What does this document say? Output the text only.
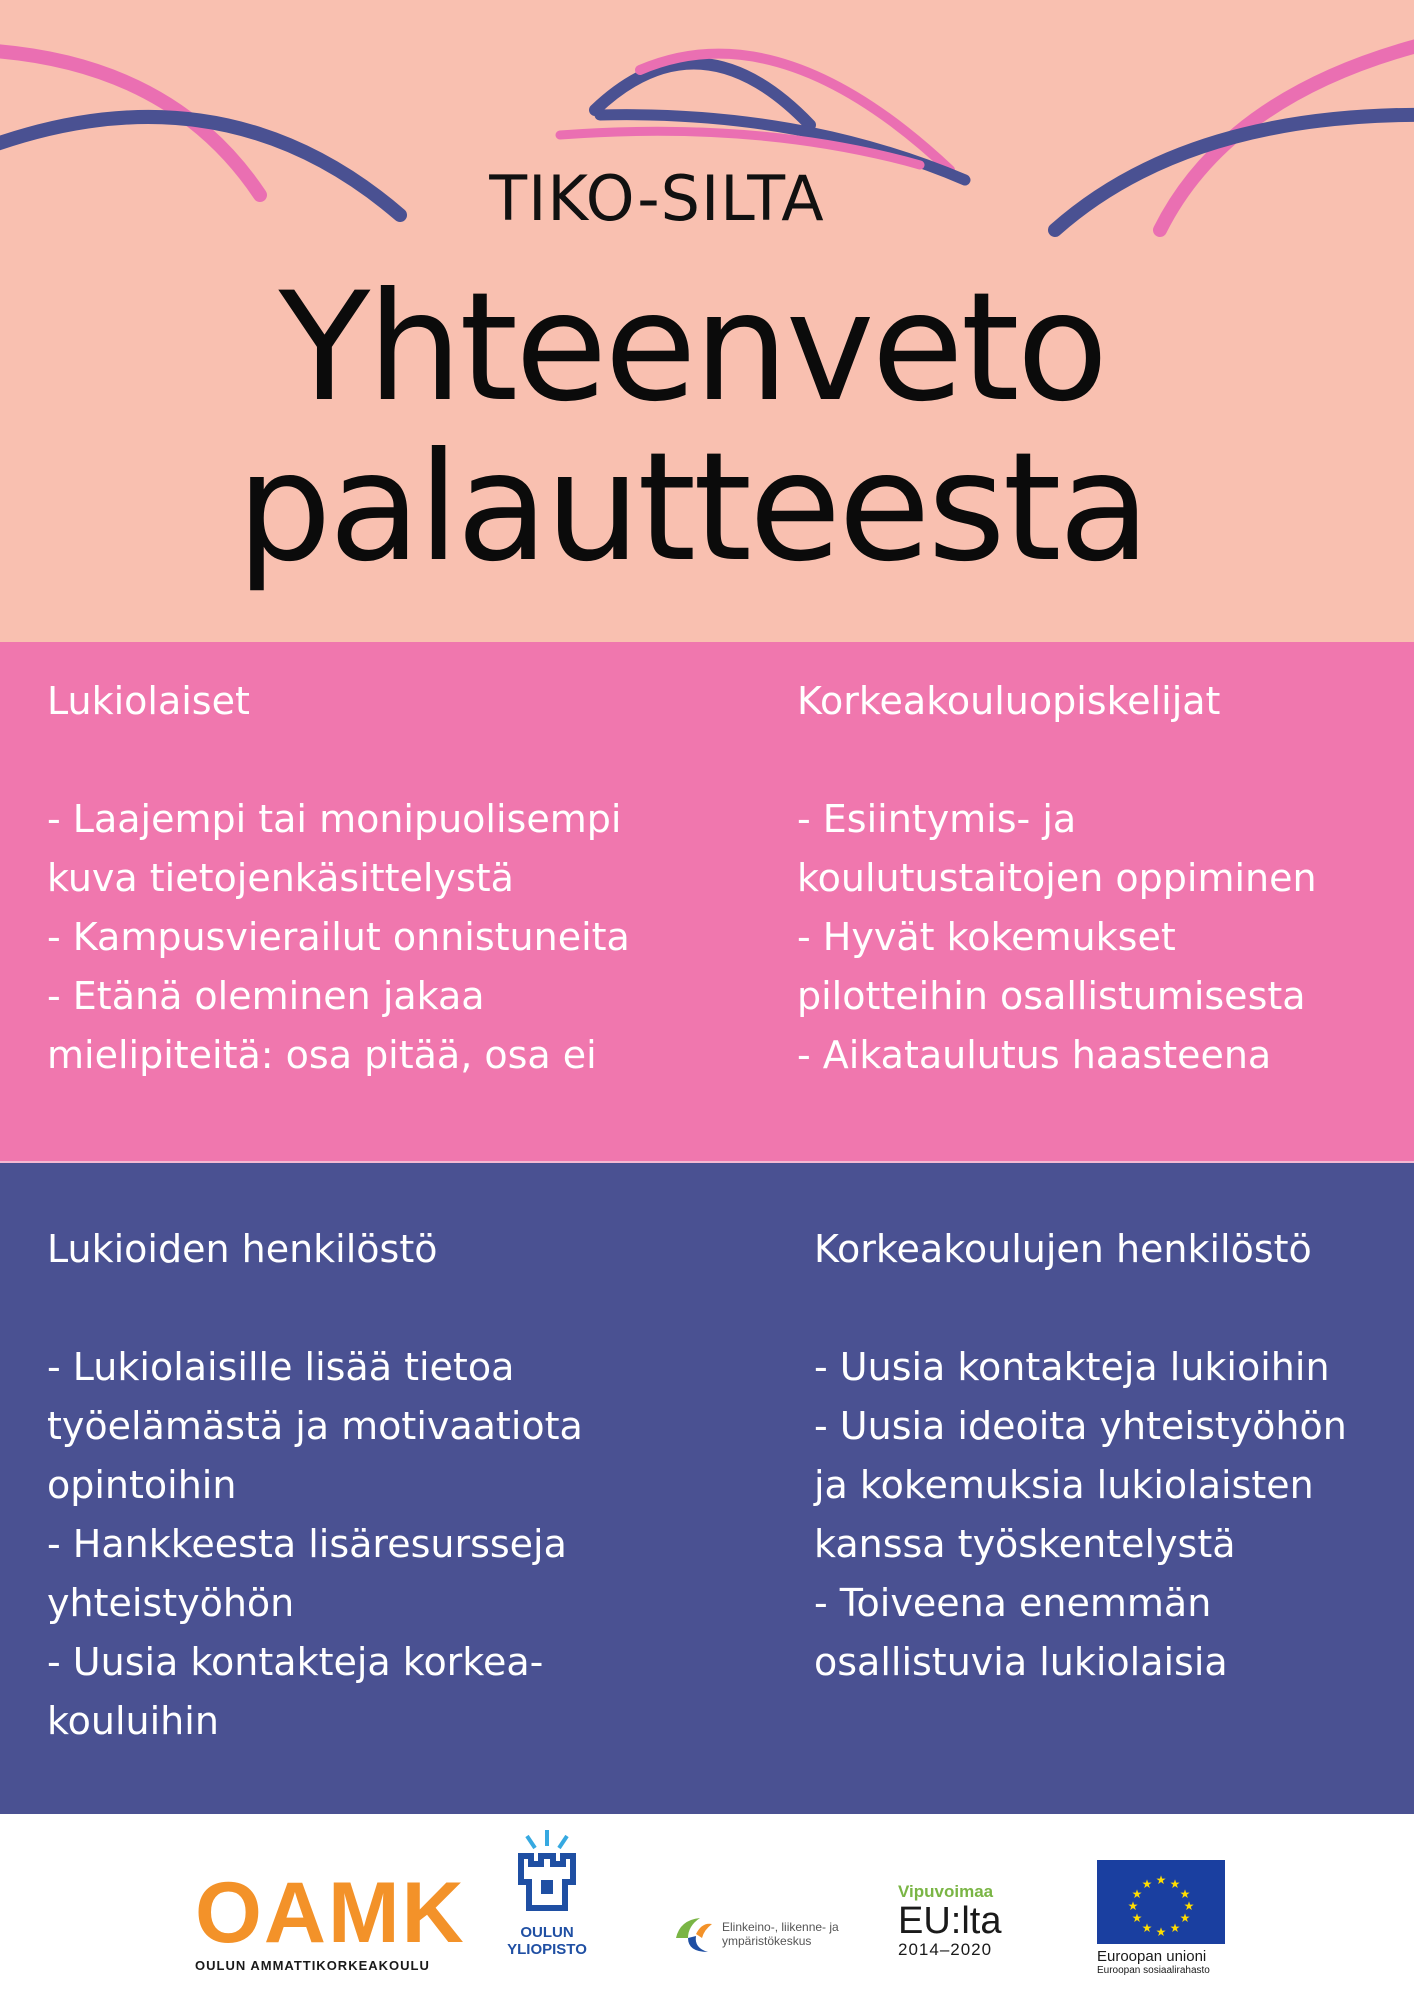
TIKO-SILTA
Yhteenveto
palautteesta
Lukiolaiset
- Laajempi tai monipuolisempi
kuva tietojenkäsittelystä
- Kampusvierailut onnistuneita
- Etänä oleminen jakaa
mielipiteitä: osa pitää, osa ei
Korkeakouluopiskelijat
- Esiintymis- ja
koulutustaitojen oppiminen
- Hyvät kokemukset
pilotteihin osallistumisesta
- Aikataulutus haasteena
Lukioiden henkilöstö
- Lukiolaisille lisää tietoa
työelämästä ja motivaatiota
opintoihin
- Hankkeesta lisäresursseja
yhteistyöhön
- Uusia kontakteja korkea-
kouluihin
Korkeakoulujen henkilöstö
- Uusia kontakteja lukioihin
- Uusia ideoita yhteistyöhön
ja kokemuksia lukiolaisten
kanssa työskentelystä
- Toiveena enemmän
osallistuvia lukiolaisia
OAMK
OULUN AMMATTIKORKEAKOULU
OULUN
YLIOPISTO
Elinkeino-, liikenne- ja
ympäristökeskus
Vipuvoimaa
EU:lta
2014–2020
★ ★
★
★
★
★
★
★
★
★
★
★
Euroopan unioni
Euroopan sosiaalirahasto
